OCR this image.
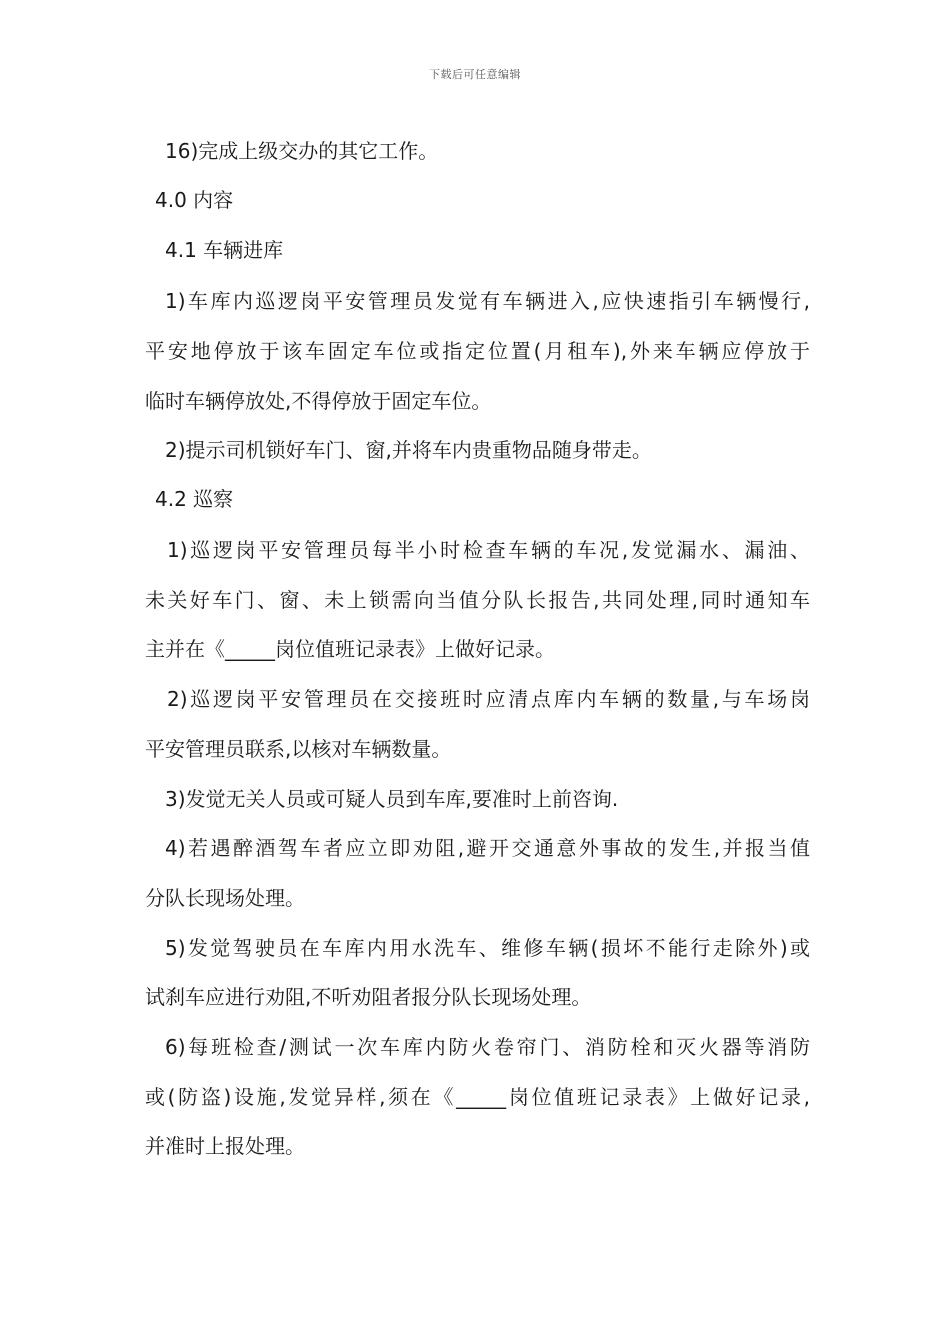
下载后可任意编辑
16)完成上级交办的其它工作。
4.0 内容
4.1 车辆进库
1)车库内巡逻岗平安管理员发觉有车辆进入,应快速指引车辆慢行,
平安地停放于该车固定车位或指定位置(月租车),外来车辆应停放于
临时车辆停放处,不得停放于固定车位。
2)提示司机锁好车门、窗,并将车内贵重物品随身带走。
4.2 巡察
1)巡逻岗平安管理员每半小时检查车辆的车况,发觉漏水、漏油、
未关好车门、窗、未上锁需向当值分队长报告,共同处理,同时通知车
主并在《_____岗位值班记录表》上做好记录。
2)巡逻岗平安管理员在交接班时应清点库内车辆的数量,与车场岗
平安管理员联系,以核对车辆数量。
3)发觉无关人员或可疑人员到车库,要准时上前咨询.
4)若遇醉酒驾车者应立即劝阻,避开交通意外事故的发生,并报当值
分队长现场处理。
5)发觉驾驶员在车库内用水洗车、维修车辆(损坏不能行走除外)或
试刹车应进行劝阻,不听劝阻者报分队长现场处理。
6)每班检查/测试一次车库内防火卷帘门、消防栓和灭火器等消防
或(防盗)设施,发觉异样,须在《_____岗位值班记录表》上做好记录,
并准时上报处理。
